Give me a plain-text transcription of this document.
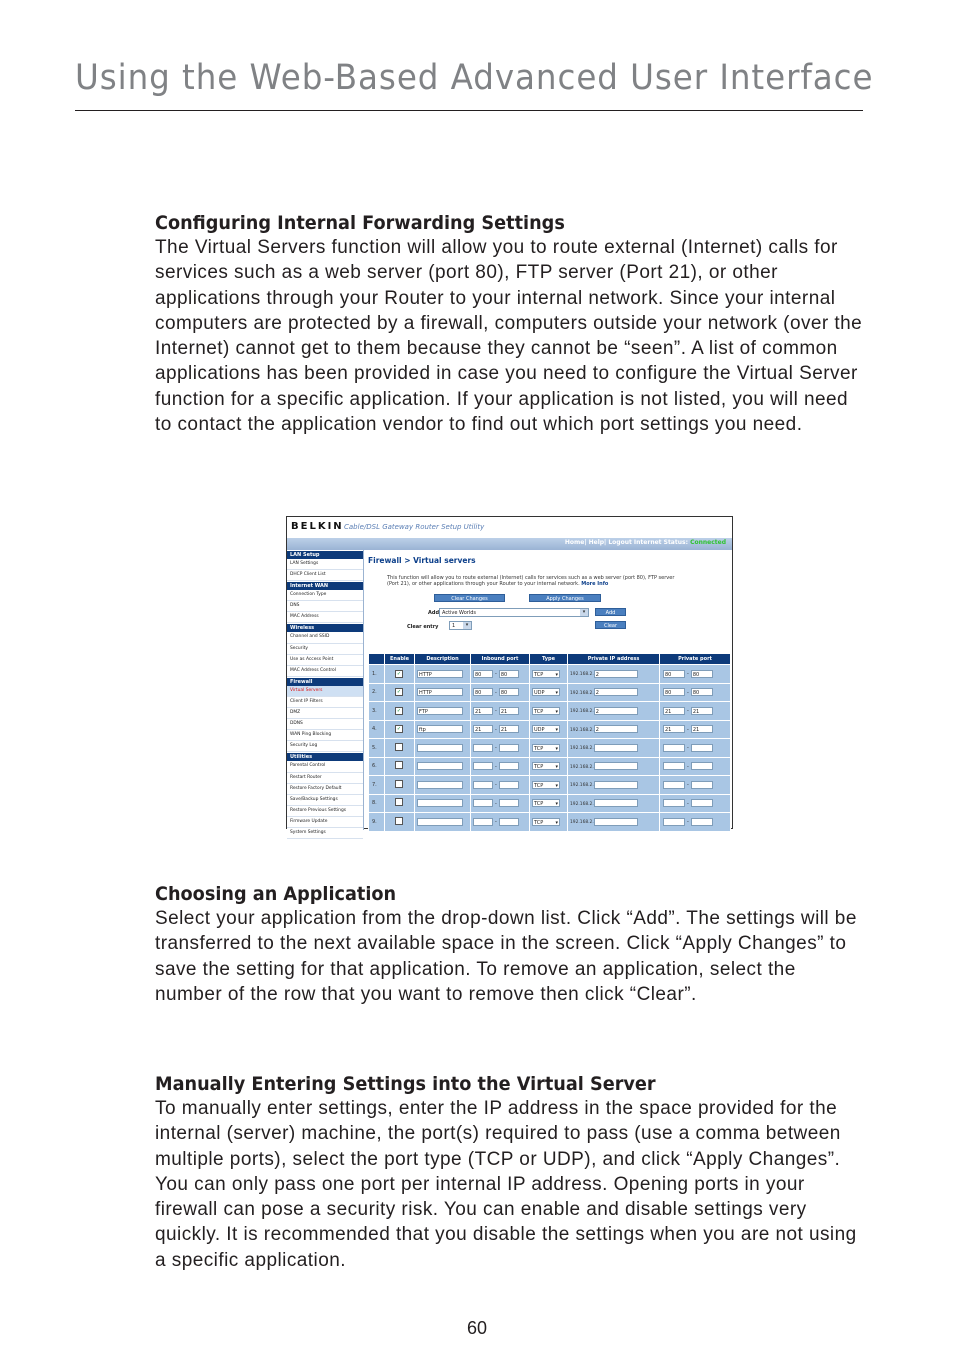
Using the Web-Based Advanced User Interface
Configuring Internal Forwarding Settings

The Virtual Servers function will allow you to route external (Internet) calls for services such as a web server (port 80), FTP server (Port 21), or other applications through your Router to your internal network. Since your internal computers are protected by a firewall, computers outside your network (over the Internet) cannot get to them because they cannot be “seen”. A list of common applications has been provided in case you need to configure the Virtual Server function for a specific application. If your application is not listed, you will need to contact the application vendor to find out which port settings you need.

BELKIN Cable/DSL Gateway Router Setup Utility
Home| Help| Logout Internet Status: Connected
LAN Setup
LAN Settings
DHCP Client List
Internet WAN
Connection Type
DNS
MAC Address
Wireless
Channel and SSID
Security
Use as Access Point
MAC Address Control
Firewall
Virtual Servers
Client IP Filters
DMZ
DDNS
WAN Ping Blocking
Security Log
Utilities
Parental Control
Restart Router
Restore Factory Default
Save/Backup Settings
Restore Previous Settings
Firmware Update
System Settings
Firewall > Virtual servers
This function will allow you to route external (Internet) calls for services such as a web server (port 80), FTP server (Port 21), or other applications through your Router to your internal network. More Info
Clear Changes	Apply Changes
Add Active Worlds	▾	Add
Clear entry	1	▾	Clear
	Enable	Description	Inbound port	Type	Private IP address	Private port
1.	✓	HTTP	80 - 80	TCP ▾	192.168.2. 2	80 - 80
2.	✓	HTTP	80 - 80	UDP ▾	192.168.2. 2	80 - 80
3.	✓	FTP	21 - 21	TCP ▾	192.168.2. 2	21 - 21
4.	✓	ftp	21 - 21	UDP ▾	192.168.2. 2	21 - 21
5.			-	TCP ▾	192.168.2.	-
6.			-	TCP ▾	192.168.2.	-
7.			-	TCP ▾	192.168.2.	-
8.			-	TCP ▾	192.168.2.	-
9.			-	TCP ▾	192.168.2.	-
Choosing an Application

Select your application from the drop-down list. Click “Add”. The settings will be transferred to the next available space in the screen. Click “Apply Changes” to save the setting for that application. To remove an application, select the number of the row that you want to remove then click “Clear”.

Manually Entering Settings into the Virtual Server

To manually enter settings, enter the IP address in the space provided for the internal (server) machine, the port(s) required to pass (use a comma between multiple ports), select the port type (TCP or UDP), and click “Apply Changes”. You can only pass one port per internal IP address. Opening ports in your firewall can pose a security risk. You can enable and disable settings very quickly. It is recommended that you disable the settings when you are not using a specific application.

60
